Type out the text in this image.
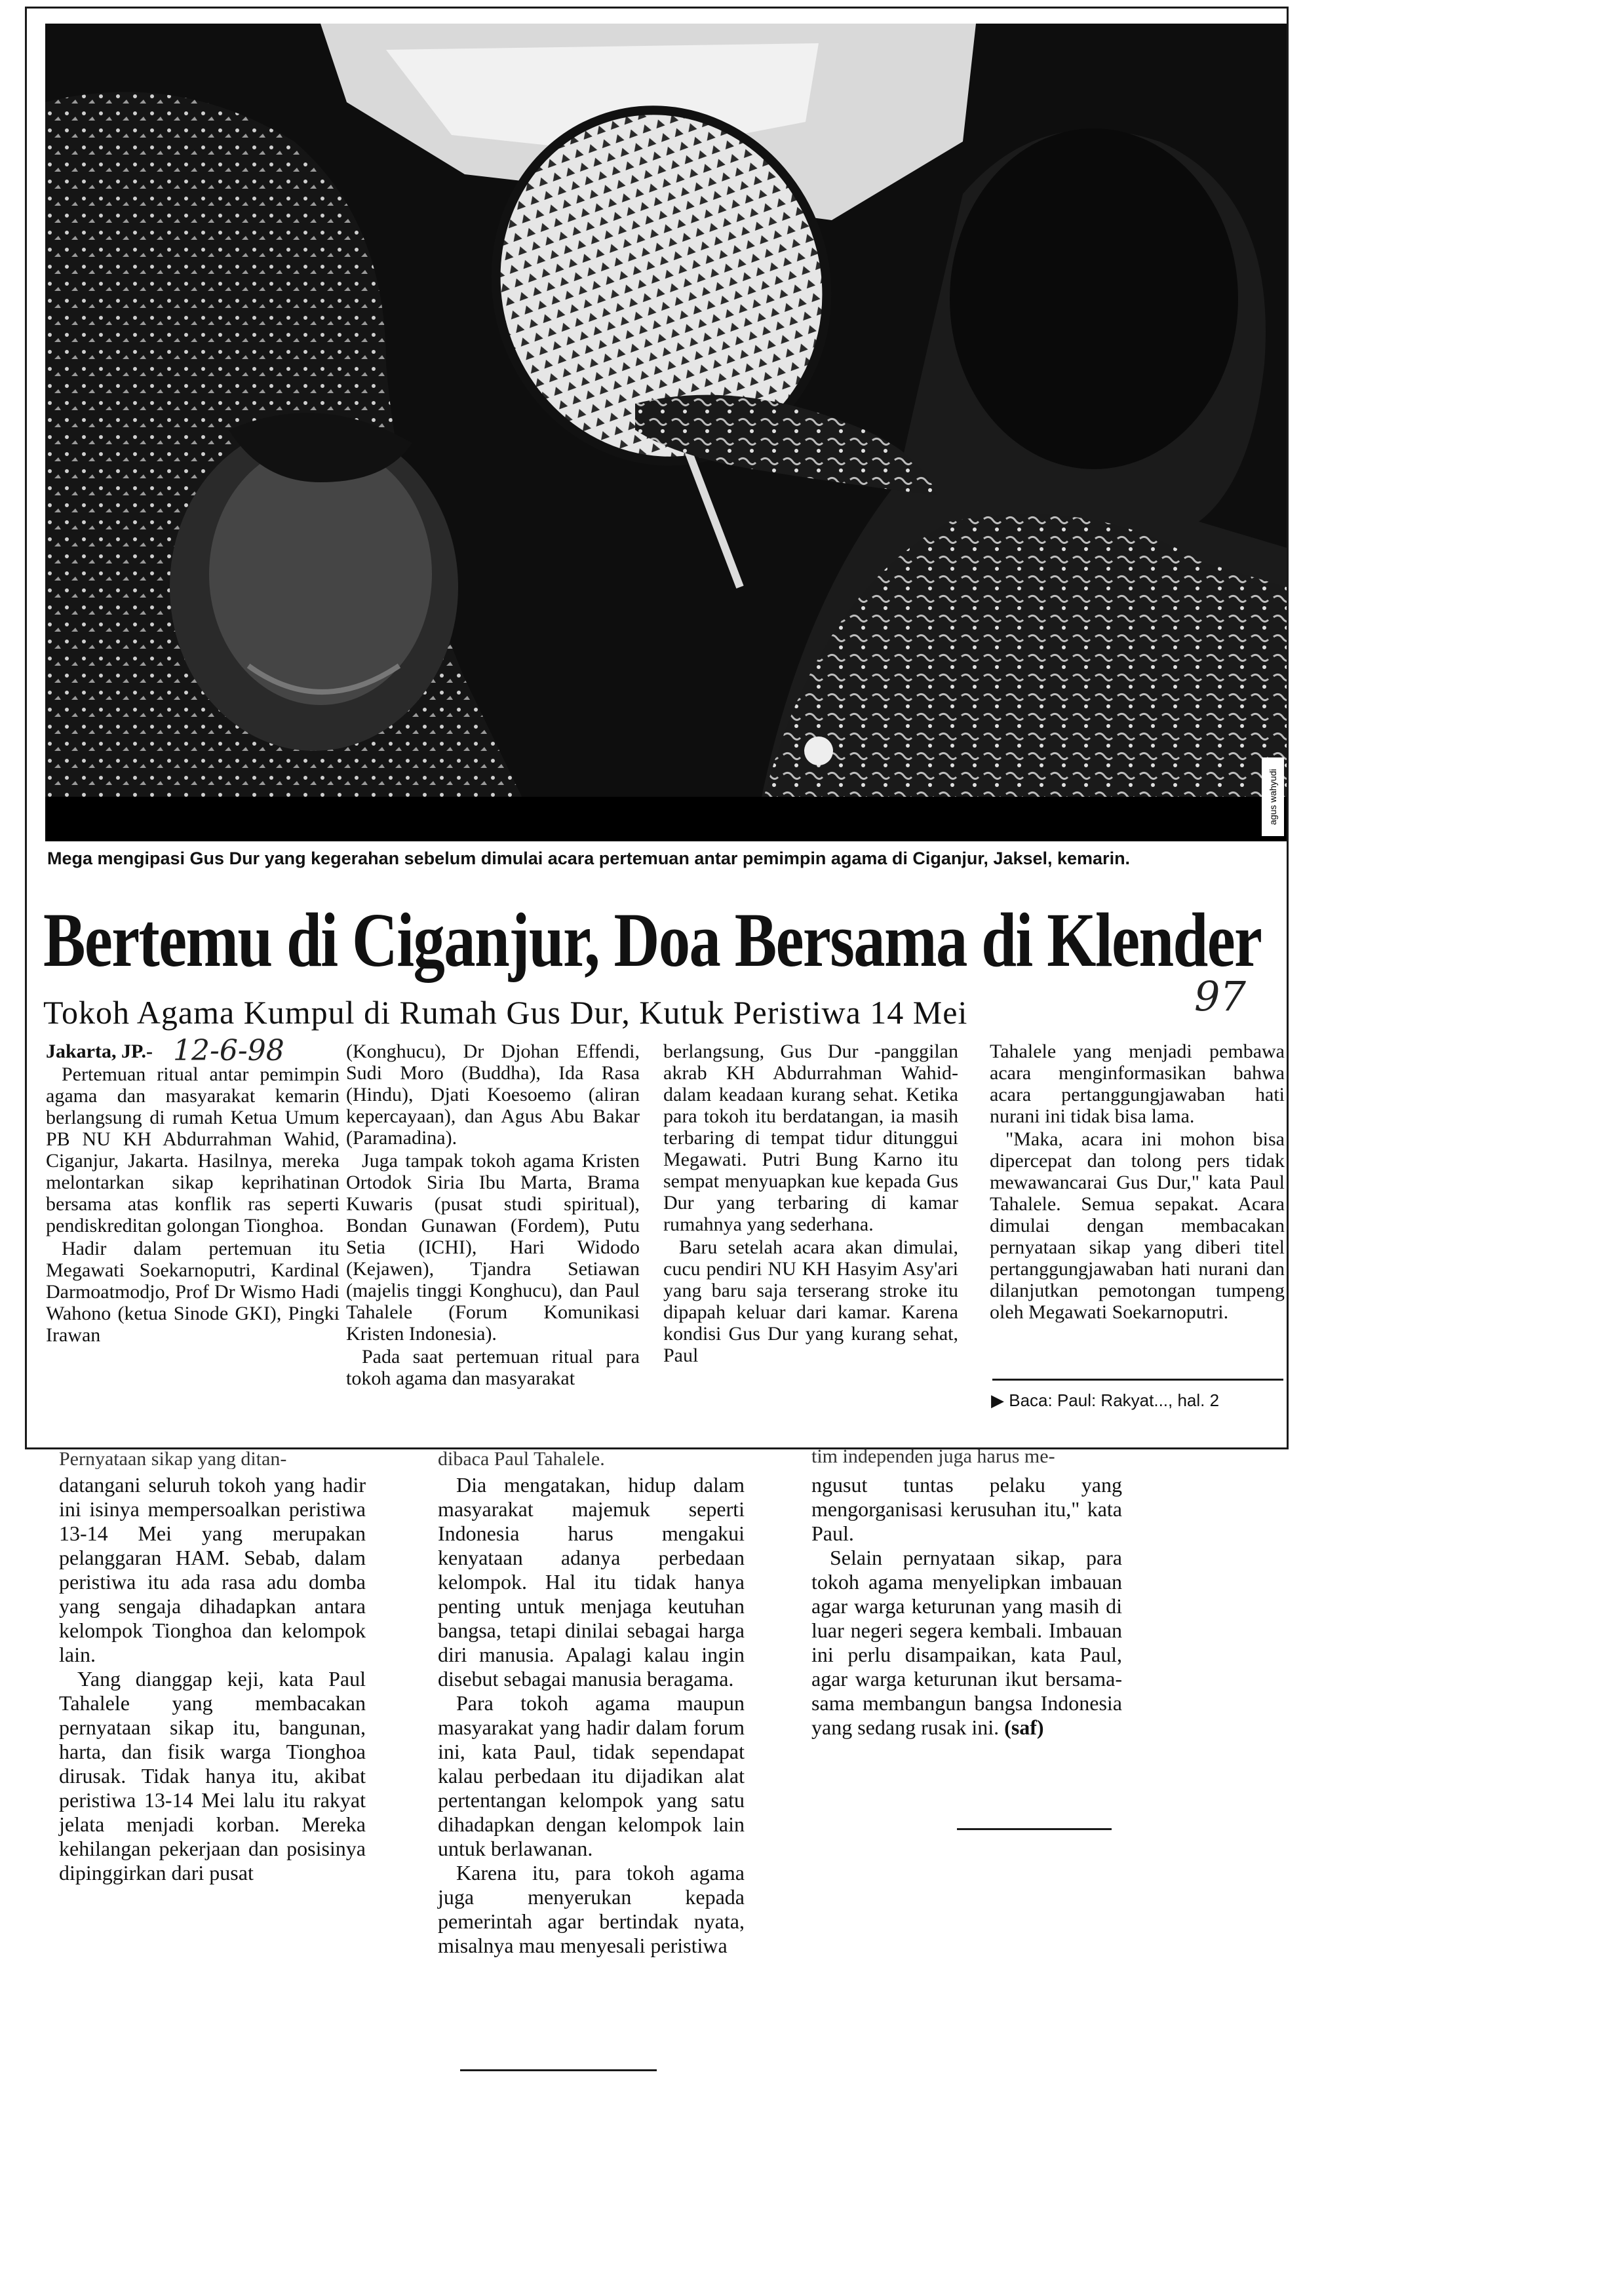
agus wahyudi
Mega mengipasi Gus Dur yang kegerahan sebelum dimulai acara pertemuan antar pemimpin agama di Ciganjur, Jaksel, kemarin.
Bertemu di Ciganjur, Doa Bersama di Klender
Tokoh Agama Kumpul di Rumah Gus Dur, Kutuk Peristiwa 14 Mei	97
12-6-98

Jakarta, JP.-

Pertemuan ritual antar pemimpin agama dan masyarakat kemarin berlangsung di rumah Ketua Umum PB NU KH Abdurrahman Wahid, Ciganjur, Jakarta. Hasilnya, mereka melontarkan sikap keprihatinan bersama atas konflik ras seperti pendiskreditan golongan Tionghoa.

Hadir dalam pertemuan itu Megawati Soekarnoputri, Kardinal Darmoatmodjo, Prof Dr Wismo Hadi Wahono (ketua Sinode GKI), Pingki Irawan

(Konghucu), Dr Djohan Effendi, Sudi Moro (Buddha), Ida Rasa (Hindu), Djati Koesoemo (aliran kepercayaan), dan Agus Abu Bakar (Paramadina).

Juga tampak tokoh agama Kristen Ortodok Siria Ibu Marta, Brama Kuwaris (pusat studi spiritual), Bondan Gunawan (Fordem), Putu Setia (ICHI), Hari Widodo (Kejawen), Tjandra Setiawan (majelis tinggi Konghucu), dan Paul Tahalele (Forum Komunikasi Kristen Indonesia).

Pada saat pertemuan ritual para tokoh agama dan masyarakat

berlangsung, Gus Dur -panggilan akrab KH Abdurrahman Wahid- dalam keadaan kurang sehat. Ketika para tokoh itu berdatangan, ia masih terbaring di tempat tidur ditunggui Megawati. Putri Bung Karno itu sempat menyuapkan kue kepada Gus Dur yang terbaring di kamar rumahnya yang sederhana.

Baru setelah acara akan dimulai, cucu pendiri NU KH Hasyim Asy'ari yang baru saja terserang stroke itu dipapah keluar dari kamar. Karena kondisi Gus Dur yang kurang sehat, Paul

Tahalele yang menjadi pembawa acara menginformasikan bahwa acara pertanggungjawaban hati nurani ini tidak bisa lama.

"Maka, acara ini mohon bisa dipercepat dan tolong pers tidak mewawancarai Gus Dur," kata Paul Tahalele. Semua sepakat. Acara dimulai dengan membacakan pernyataan sikap yang diberi titel pertanggungjawaban hati nurani dan dilanjutkan pemotongan tumpeng oleh Megawati Soekarnoputri.

▶ Baca: Paul: Rakyat..., hal. 2
Pernyataan sikap yang ditan-	dibaca Paul Tahalele.	tim independen juga harus me-

datangani seluruh tokoh yang hadir ini isinya mempersoalkan peristiwa 13-14 Mei yang merupakan pelanggaran HAM. Sebab, dalam peristiwa itu ada rasa adu domba yang sengaja dihadapkan antara kelompok Tionghoa dan kelompok lain.

Yang dianggap keji, kata Paul Tahalele yang membacakan pernyataan sikap itu, bangunan, harta, dan fisik warga Tionghoa dirusak. Tidak hanya itu, akibat peristiwa 13-14 Mei lalu itu rakyat jelata menjadi korban. Mereka kehilangan pekerjaan dan posisinya dipinggirkan dari pusat

Dia mengatakan, hidup dalam masyarakat majemuk seperti Indonesia harus mengakui kenyataan adanya perbedaan kelompok. Hal itu tidak hanya penting untuk menjaga keutuhan bangsa, tetapi dinilai sebagai harga diri manusia. Apalagi kalau ingin disebut sebagai manusia beragama.

Para tokoh agama maupun masyarakat yang hadir dalam forum ini, kata Paul, tidak sependapat kalau perbedaan itu dijadikan alat pertentangan kelompok yang satu dihadapkan dengan kelompok lain untuk berlawanan.

Karena itu, para tokoh agama juga menyerukan kepada pemerintah agar bertindak nyata, misalnya mau menyesali peristiwa

ngusut tuntas pelaku yang mengorganisasi kerusuhan itu," kata Paul.

Selain pernyataan sikap, para tokoh agama menyelipkan imbauan agar warga keturunan yang masih di luar negeri segera kembali. Imbauan ini perlu disampaikan, kata Paul, agar warga keturunan ikut bersama-sama membangun bangsa Indonesia yang sedang rusak ini. (saf)
